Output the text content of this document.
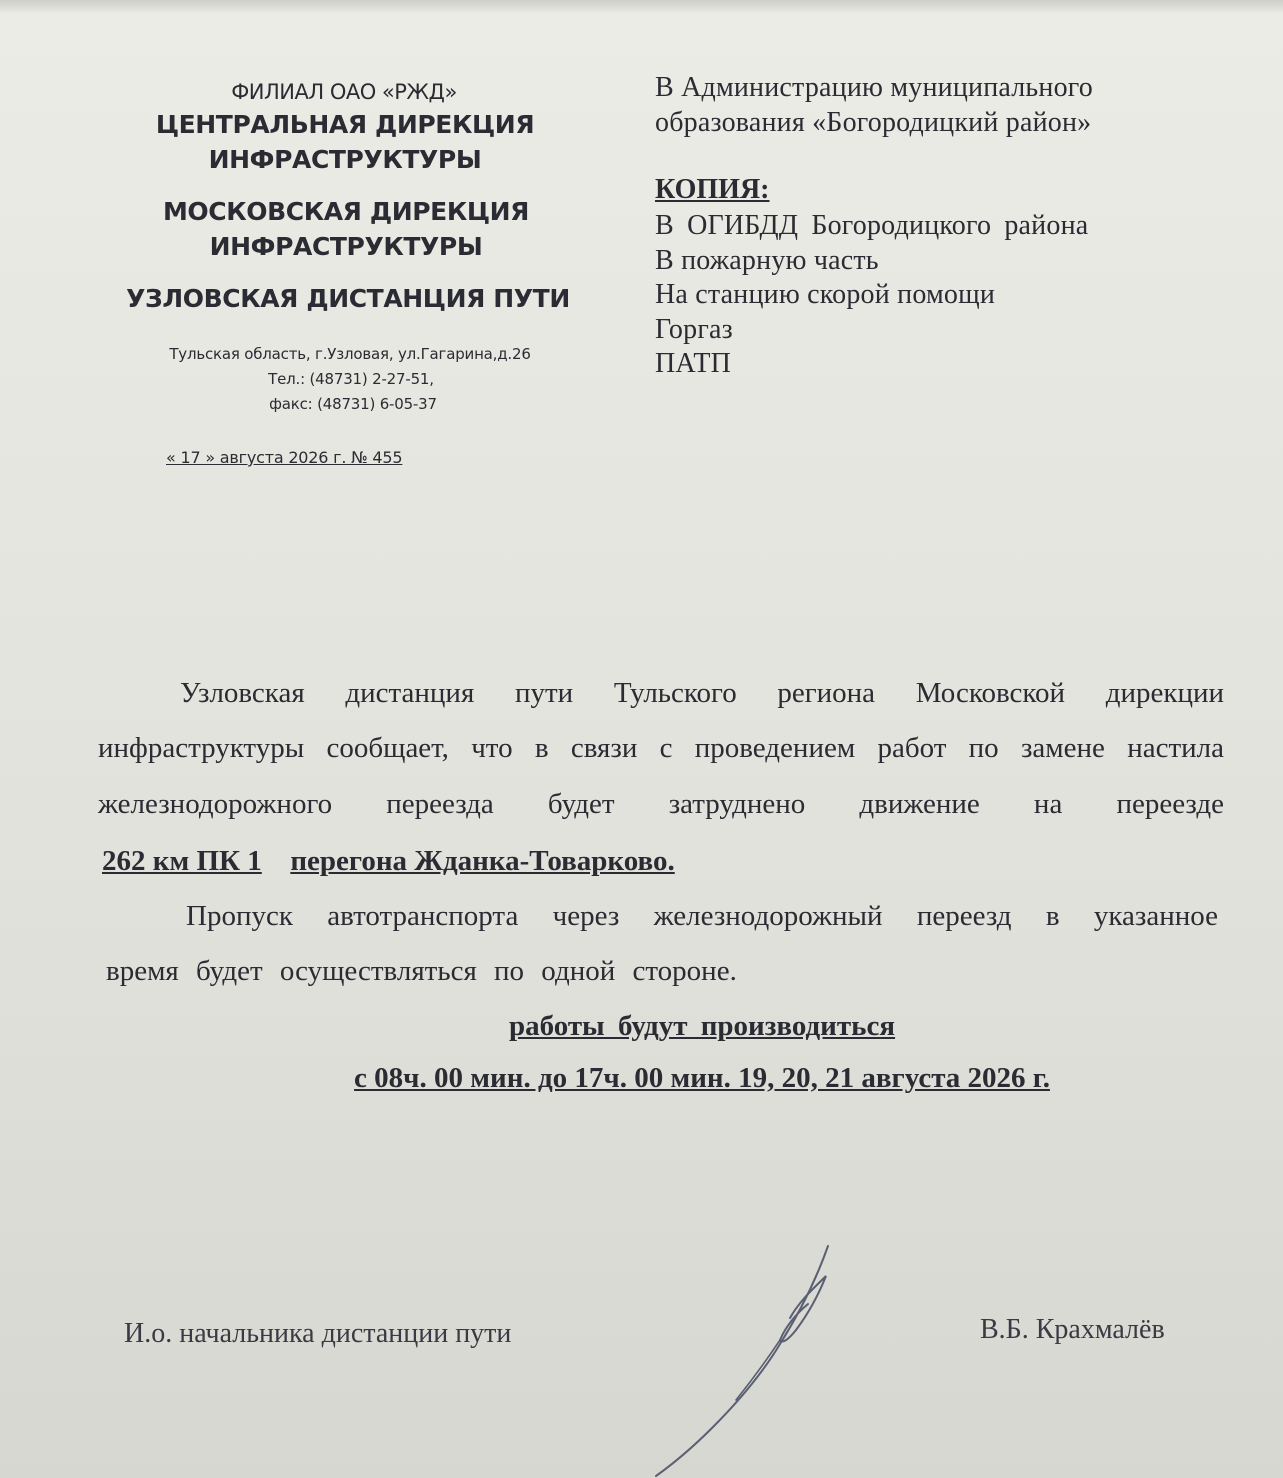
ФИЛИАЛ ОАО «РЖД»
ЦЕНТРАЛЬНАЯ ДИРЕКЦИЯ
ИНФРАСТРУКТУРЫ
МОСКОВСКАЯ ДИРЕКЦИЯ
ИНФРАСТРУКТУРЫ
УЗЛОВСКАЯ ДИСТАНЦИЯ ПУТИ
Тульская область, г.Узловая, ул.Гагарина,д.26
Тел.: (48731) 2-27-51,
факс: (48731) 6-05-37
« 17 » августа 2026 г. № 455
В Администрацию муниципального
образования «Богородицкий район»
КОПИЯ:
В ОГИБДД Богородицкого района
В пожарную часть
На станцию скорой помощи
Горгаз
ПАТП
Узловская дистанция пути Тульского региона Московской дирекции
инфраструктуры сообщает, что в связи с проведением работ по замене настила
железнодорожного переезда будет затруднено движение на переезде
262 км ПК 1 перегона Жданка-Товарково.
Пропуск автотранспорта через железнодорожный переезд в указанное
время будет осуществляться по одной стороне.
работы будут производиться
с 08ч. 00 мин. до 17ч. 00 мин. 19, 20, 21 августа 2026 г.
И.о. начальника дистанции пути	В.Б. Крахмалёв
